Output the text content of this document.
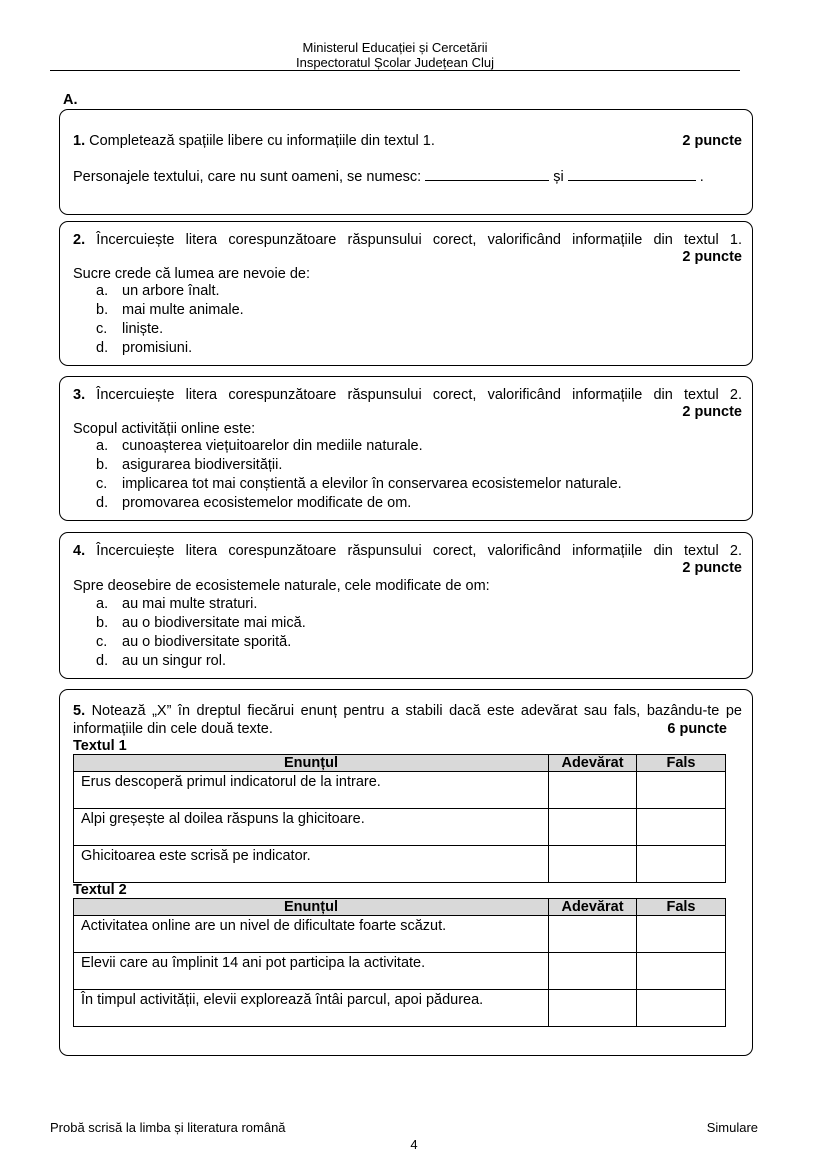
Ministerul Educației și Cercetării
Inspectoratul Școlar Județean Cluj
A.
1. Completează spațiile libere cu informațiile din textul 1.	2 puncte
Personajele textului, care nu sunt oameni, se numesc:	și	.
2. Încercuiește litera corespunzătoare răspunsului corect, valorificând informațiile din textul 1.
2 puncte
Sucre crede că lumea are nevoie de:
a. un arbore înalt.
b. mai multe animale.
c.	liniște.
d. promisiuni.
3. Încercuiește litera corespunzătoare răspunsului corect, valorificând informațiile din textul 2.
2 puncte
Scopul activității online este:
a. cunoașterea viețuitoarelor din mediile naturale.
b. asigurarea biodiversității.
c.	implicarea tot mai conștientă a elevilor în conservarea ecosistemelor naturale.
d. promovarea ecosistemelor modificate de om.
4. Încercuiește litera corespunzătoare răspunsului corect, valorificând informațiile din textul 2.
2 puncte
Spre deosebire de ecosistemele naturale, cele modificate de om:
a. au mai multe straturi.
b. au o biodiversitate mai mică.
c.	au o biodiversitate sporită.
d. au un singur rol.
5. Notează „X” în dreptul fiecărui enunț pentru a stabili dacă este adevărat sau fals, bazându-te pe
informațiile din cele două texte.	6 puncte
Textul 1
Enunțul	Adevărat	Fals
Erus descoperă primul indicatorul de la intrare.		
Alpi greșește al doilea răspuns la ghicitoare.		
Ghicitoarea este scrisă pe indicator.		
Textul 2
Enunțul	Adevărat	Fals
Activitatea online are un nivel de dificultate foarte scăzut.		
Elevii care au împlinit 14 ani pot participa la activitate.		
În timpul activității, elevii explorează întâi parcul, apoi pădurea.		
Probă scrisă la limba și literatura română	Simulare
4
